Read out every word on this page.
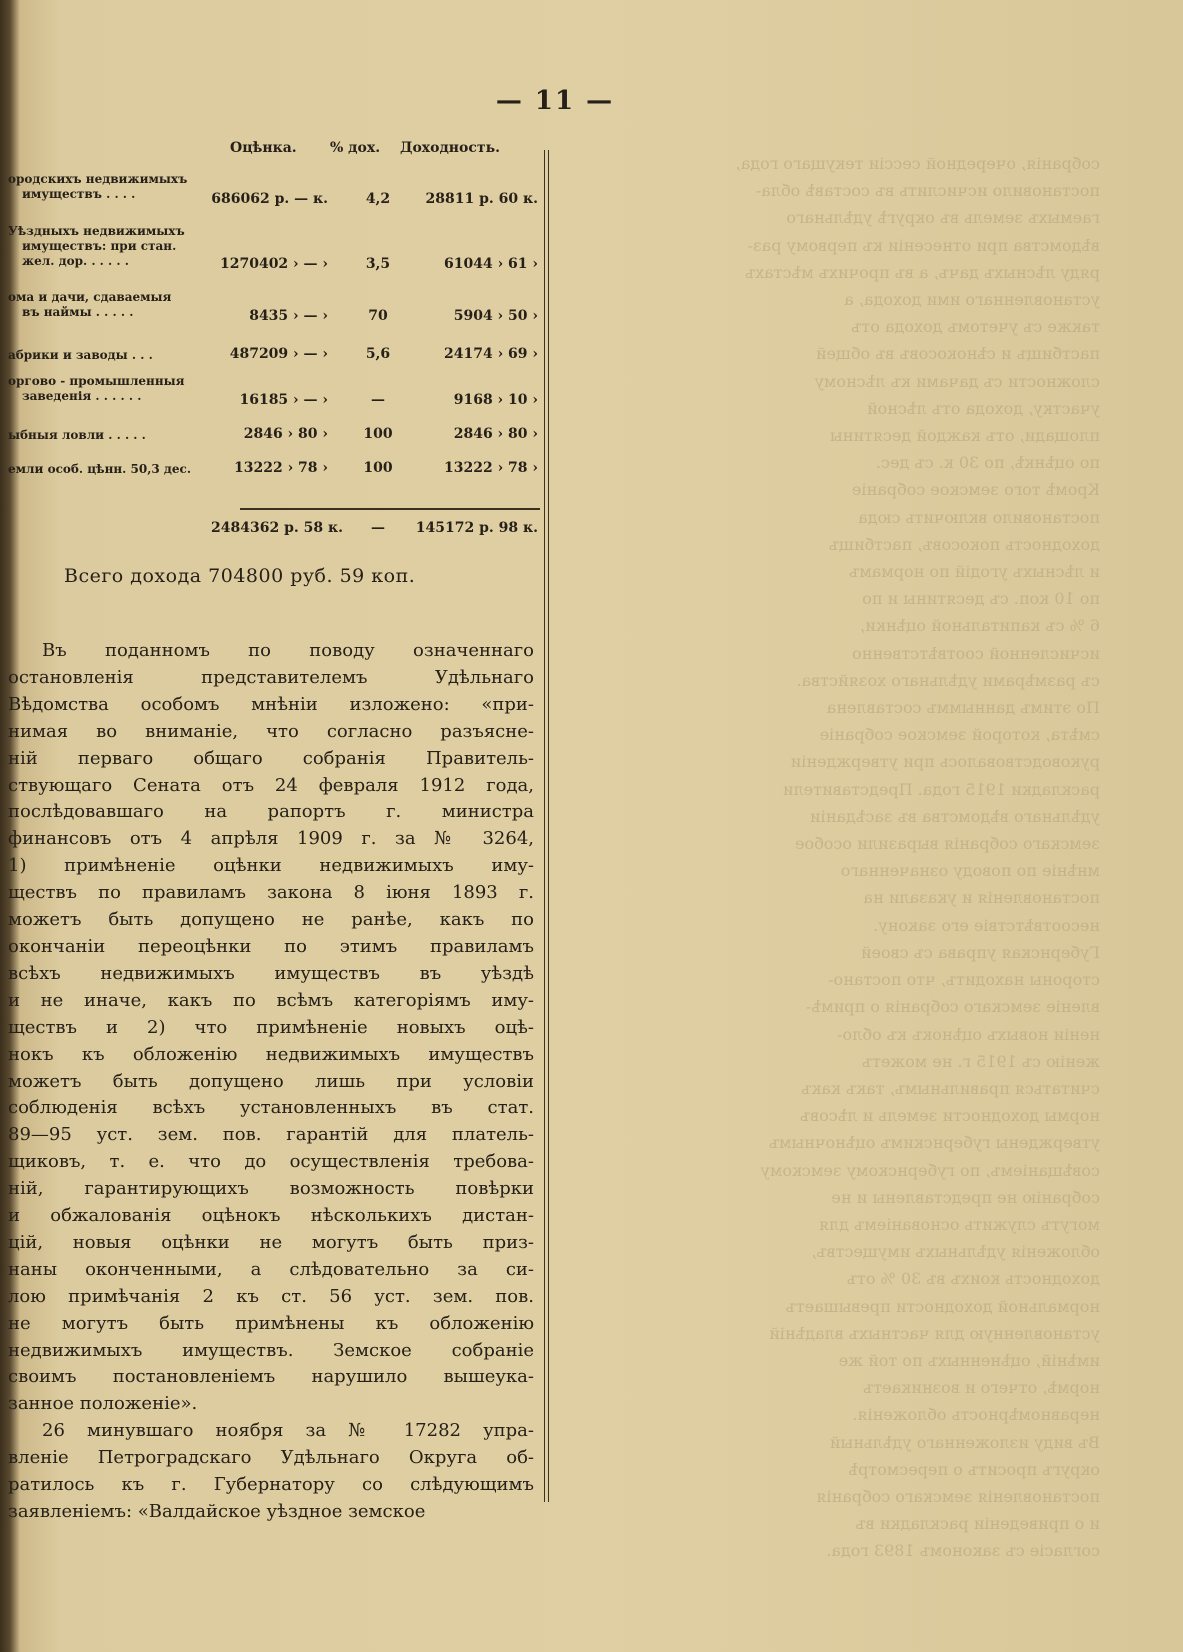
собранія, очередной сессіи текущаго года,
постановило исчислить въ составѣ обла-
гаемыхъ земель въ округѣ удѣльнаго
вѣдомства при отнесеніи къ первому раз-
ряду лѣсныхъ дачъ, а въ прочихъ мѣстахъ
установленнаго ими дохода, а
также съ учетомъ дохода отъ
пастбищъ и сѣнокосовъ въ общей
сложности съ дачами къ лѣсному
участку, дохода отъ лѣсной
площади, отъ каждой десятины
по оцѣнкѣ, по 30 к. съ дес.
Кромѣ того земское собраніе
постановило включить сюда
доходность покосовъ, пастбищъ
и лѣсныхъ угодій по нормамъ
по 10 коп. съ десятины и по
6 % съ капитальной оцѣнки,
исчисленной соотвѣтственно
съ размѣрами удѣльнаго хозяйства.
По этимъ данныммъ составлена
смѣта, которой земское собраніе
руководствовалось при утвержденіи
раскладки 1915 года. Представители
удѣльнаго вѣдомства въ засѣданіи
земскаго собранія выразили особое
мнѣніе по поводу означеннаго
постановленія и указали на
несоотвѣтствіе его закону.
Губернская управа съ своей
стороны находитъ, что постано-
вленіе земскаго собранія о примѣ-
неніи новыхъ оцѣнокъ къ обло-
женію съ 1915 г. не можетъ
считаться правильнымъ, такъ какъ
нормы доходности земель и лѣсовъ
утверждены губернскимъ оцѣночнымъ
совѣщаніемъ, по губернскому земскому
собранію не представлены и не
могутъ служить основаніемъ для
обложенія удѣльныхъ имуществъ,
доходность коихъ въ 30 % отъ
нормальной доходности превышаетъ
установленную для частныхъ владѣнiй
имѣній, оцѣненныхъ по той же
нормѣ, отчего и возникаетъ
неравномѣрность обложенія.
Въ виду изложеннаго удѣльный
округъ проситъ о пересмотрѣ
постановленія земскаго собранія
и о приведеніи раскладки въ
согласіе съ закономъ 1893 года.
— 11 —
Оцѣнка. % дох. Доходность.
ородскихъ недвижимыхъ
имуществъ . . . .	686062 р. — к.	4,2	28811 р. 60 к.
Уѣздныхъ недвижимыхъ
имуществъ: при стан.
жел. дор. . . . . .	1270402 › — ›	3,5	61044 › 61 ›
ома и дачи, сдаваемыя
въ наймы . . . . .	8435 › — ›	70	5904 › 50 ›
абрики и заводы . . .	487209 › — ›	5,6	24174 › 69 ›
орговo - промышленныя
заведенія . . . . . .	16185 › — ›	—	9168 › 10 ›
ыбныя ловли . . . . .	2846 › 80 ›	100	2846 › 80 ›
емли особ. цѣнн. 50,3 дес.	13222 › 78 ›	100	13222 › 78 ›
2484362 р. 58 к.	—	145172 р. 98 к.
Всего дохода 704800 руб. 59 коп.
Въ поданномъ по поводу означеннаго
остановленія представителемъ Удѣльнаго
Вѣдомства особомъ мнѣніи изложено: «при-
нимая во вниманіе, что согласно разъясне-
ній перваго общаго собранія Правитель-
ствующаго Сената отъ 24 февраля 1912 года,
послѣдовавшаго на рапортъ г. министра
финансовъ отъ 4 апрѣля 1909 г. за № 3264,
1) примѣненіе оцѣнки недвижимыхъ иму-
ществъ по правиламъ закона 8 іюня 1893 г.
можетъ быть допущено не ранѣе, какъ по
окончаніи переоцѣнки по этимъ правиламъ
всѣхъ недвижимыхъ имуществъ въ уѣздѣ
и не иначе, какъ по всѣмъ категоріямъ иму-
ществъ и 2) что примѣненіе новыхъ оцѣ-
нокъ къ обложенію недвижимыхъ имуществъ
можетъ быть допущено лишь при условіи
соблюденія всѣхъ установленныхъ въ стат.
89—95 уст. зем. пов. гарантій для платель-
щиковъ, т. е. что до осуществленія требова-
ній, гарантирующихъ возможность повѣрки
и обжалованія оцѣнокъ нѣсколькихъ дистан-
цій, новыя оцѣнки не могутъ быть приз-
наны оконченными, а слѣдовательно за си-
лою примѣчанія 2 къ ст. 56 уст. зем. пов.
не могутъ быть примѣнены къ обложенію
недвижимыхъ имуществъ. Земское собраніе
своимъ постановленіемъ нарушило вышеука-
занное положеніе».
26 минувшаго ноября за № 17282 упра-
вленіе Петроградскаго Удѣльнаго Округа об-
ратилось къ г. Губернатору со слѣдующимъ
заявленіемъ: «Валдайское уѣздное земское
